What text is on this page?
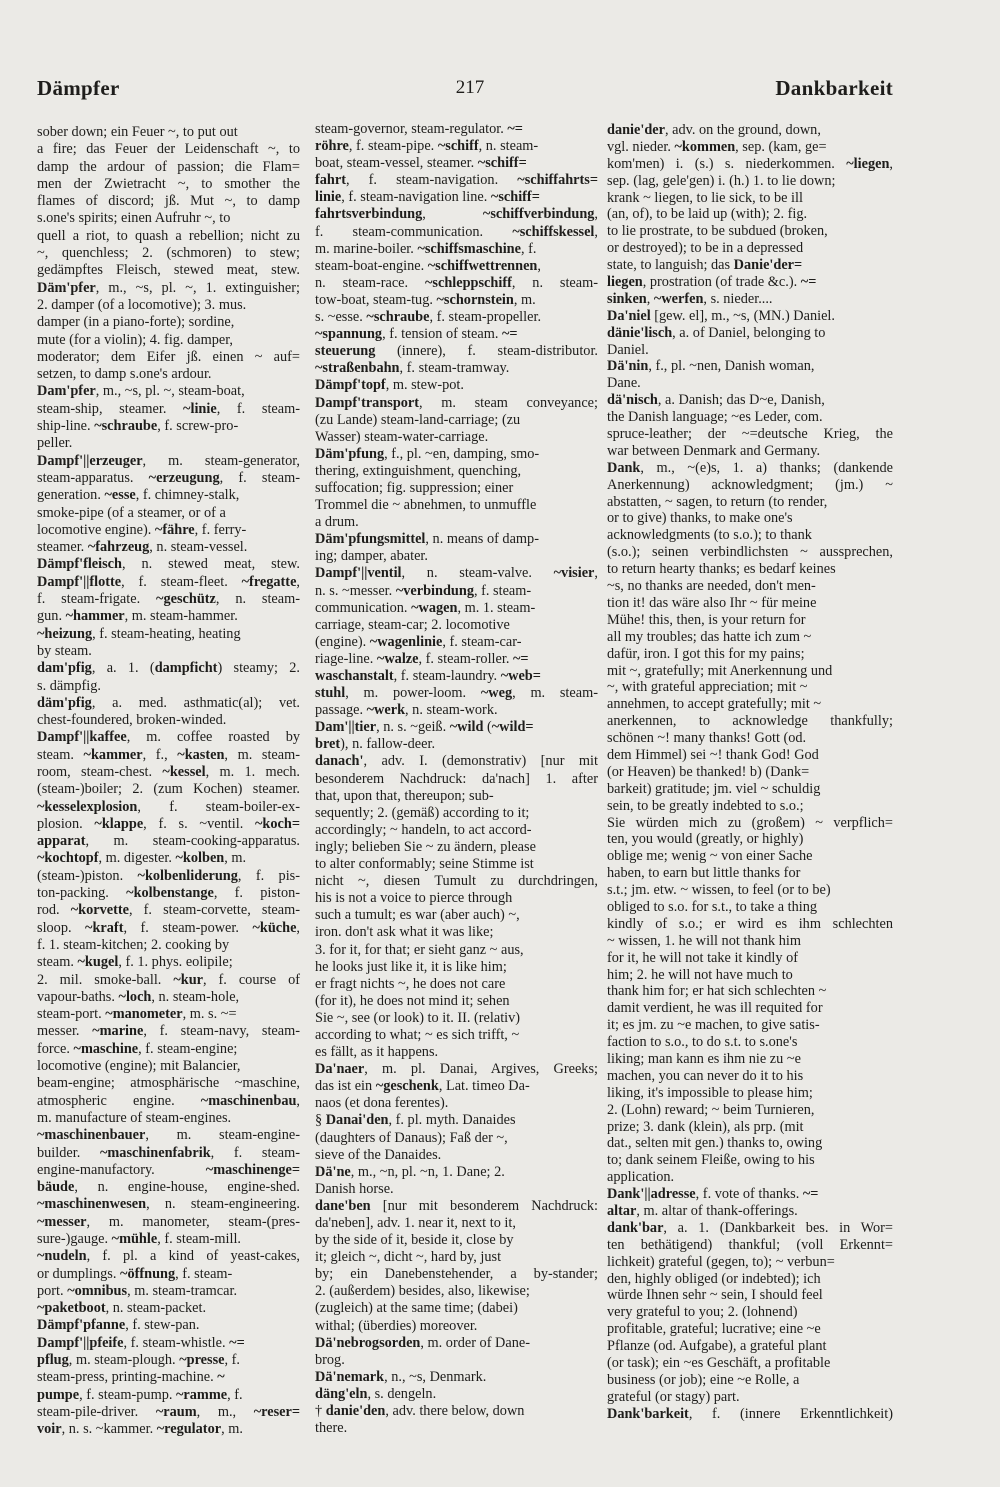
Dämpfer	217	Dankbarkeit
sober down; ein Feuer ~, to put out
a fire; das Feuer der Leidenschaft ~, to
damp the ardour of passion; die Flam=
men der Zwietracht ~, to smother the
flames of discord; jß. Mut ~, to damp
s.one's spirits; einen Aufruhr ~, to
quell a riot, to quash a rebellion; nicht zu
~, quenchless; 2. (schmoren) to stew;
gedämpftes Fleisch, stewed meat, stew.
Däm'pfer, m., ~s, pl. ~, 1. extinguisher;
2. damper (of a locomotive); 3. mus.
damper (in a piano-forte); sordine,
mute (for a violin); 4. fig. damper,
moderator; dem Eifer jß. einen ~ auf=
setzen, to damp s.one's ardour.
Dam'pfer, m., ~s, pl. ~, steam-boat,
steam-ship, steamer. ~linie, f. steam-
ship-line. ~schraube, f. screw-pro-
peller.
Dampf'||erzeuger, m. steam-generator,
steam-apparatus. ~erzeugung, f. steam-
generation. ~esse, f. chimney-stalk,
smoke-pipe (of a steamer, or of a
locomotive engine). ~fähre, f. ferry-
steamer. ~fahrzeug, n. steam-vessel.
Dämpf'fleisch, n. stewed meat, stew.
Dampf'||flotte, f. steam-fleet. ~fregatte,
f. steam-frigate. ~geschütz, n. steam-
gun. ~hammer, m. steam-hammer.
~heizung, f. steam-heating, heating
by steam.
dam'pfig, a. 1. (dampficht) steamy; 2.
s. dämpfig.
däm'pfig, a. med. asthmatic(al); vet.
chest-foundered, broken-winded.
Dampf'||kaffee, m. coffee roasted by
steam. ~kammer, f., ~kasten, m. steam-
room, steam-chest. ~kessel, m. 1. mech.
(steam-)boiler; 2. (zum Kochen) steamer.
~kesselexplosion, f. steam-boiler-ex-
plosion. ~klappe, f. s. ~ventil. ~koch=
apparat, m. steam-cooking-apparatus.
~kochtopf, m. digester. ~kolben, m.
(steam-)piston. ~kolbenliderung, f. pis-
ton-packing. ~kolbenstange, f. piston-
rod. ~korvette, f. steam-corvette, steam-
sloop. ~kraft, f. steam-power. ~küche,
f. 1. steam-kitchen; 2. cooking by
steam. ~kugel, f. 1. phys. eolipile;
2. mil. smoke-ball. ~kur, f. course of
vapour-baths. ~loch, n. steam-hole,
steam-port. ~manometer, m. s. ~=
messer. ~marine, f. steam-navy, steam-
force. ~maschine, f. steam-engine;
locomotive (engine); mit Balancier,
beam-engine; atmosphärische ~maschine,
atmospheric engine. ~maschinenbau,
m. manufacture of steam-engines.
~maschinenbauer, m. steam-engine-
builder. ~maschinenfabrik, f. steam-
engine-manufactory. ~maschinenge=
bäude, n. engine-house, engine-shed.
~maschinenwesen, n. steam-engineering.
~messer, m. manometer, steam-(pres-
sure-)gauge. ~mühle, f. steam-mill.
~nudeln, f. pl. a kind of yeast-cakes,
or dumplings. ~öffnung, f. steam-
port. ~omnibus, m. steam-tramcar.
~paketboot, n. steam-packet.
Dämpf'pfanne, f. stew-pan.
Dampf'||pfeife, f. steam-whistle. ~=
pflug, m. steam-plough. ~presse, f.
steam-press, printing-machine. ~
pumpe, f. steam-pump. ~ramme, f.
steam-pile-driver. ~raum, m., ~reser=
voir, n. s. ~kammer. ~regulator, m.
steam-governor, steam-regulator. ~=
röhre, f. steam-pipe. ~schiff, n. steam-
boat, steam-vessel, steamer. ~schiff=
fahrt, f. steam-navigation. ~schiffahrts=
linie, f. steam-navigation line. ~schiff=
fahrtsverbindung, ~schiffverbindung,
f. steam-communication. ~schiffskessel,
m. marine-boiler. ~schiffsmaschine, f.
steam-boat-engine. ~schiffwettrennen,
n. steam-race. ~schleppschiff, n. steam-
tow-boat, steam-tug. ~schornstein, m.
s. ~esse. ~schraube, f. steam-propeller.
~spannung, f. tension of steam. ~=
steuerung (innere), f. steam-distributor.
~straßenbahn, f. steam-tramway.
Dämpf'topf, m. stew-pot.
Dampf'transport, m. steam conveyance;
(zu Lande) steam-land-carriage; (zu
Wasser) steam-water-carriage.
Däm'pfung, f., pl. ~en, damping, smo-
thering, extinguishment, quenching,
suffocation; fig. suppression; einer
Trommel die ~ abnehmen, to unmuffle
a drum.
Däm'pfungsmittel, n. means of damp-
ing; damper, abater.
Dampf'||ventil, n. steam-valve. ~visier,
n. s. ~messer. ~verbindung, f. steam-
communication. ~wagen, m. 1. steam-
carriage, steam-car; 2. locomotive
(engine). ~wagenlinie, f. steam-car-
riage-line. ~walze, f. steam-roller. ~=
waschanstalt, f. steam-laundry. ~web=
stuhl, m. power-loom. ~weg, m. steam-
passage. ~werk, n. steam-work.
Dam'||tier, n. s. ~geiß. ~wild (~wild=
bret), n. fallow-deer.
danach', adv. I. (demonstrativ) [nur mit
besonderem Nachdruck: da'nach] 1. after
that, upon that, thereupon; sub-
sequently; 2. (gemäß) according to it;
accordingly; ~ handeln, to act accord-
ingly; belieben Sie ~ zu ändern, please
to alter conformably; seine Stimme ist
nicht ~, diesen Tumult zu durchdringen,
his is not a voice to pierce through
such a tumult; es war (aber auch) ~,
iron. don't ask what it was like;
3. for it, for that; er sieht ganz ~ aus,
he looks just like it, it is like him;
er fragt nichts ~, he does not care
(for it), he does not mind it; sehen
Sie ~, see (or look) to it. II. (relativ)
according to what; ~ es sich trifft, ~
es fällt, as it happens.
Da'naer, m. pl. Danai, Argives, Greeks;
das ist ein ~geschenk, Lat. timeo Da-
naos (et dona ferentes).
§ Danai'den, f. pl. myth. Danaides
(daughters of Danaus); Faß der ~,
sieve of the Danaides.
Dä'ne, m., ~n, pl. ~n, 1. Dane; 2.
Danish horse.
dane'ben [nur mit besonderem Nachdruck:
da'neben], adv. 1. near it, next to it,
by the side of it, beside it, close by
it; gleich ~, dicht ~, hard by, just
by; ein Danebenstehender, a by-stander;
2. (außerdem) besides, also, likewise;
(zugleich) at the same time; (dabei)
withal; (überdies) moreover.
Dä'nebrogsorden, m. order of Dane-
brog.
Dä'nemark, n., ~s, Denmark.
däng'eln, s. dengeln.
† danie'den, adv. there below, down
there.
danie'der, adv. on the ground, down,
vgl. nieder. ~kommen, sep. (kam, ge=
kom'men) i. (s.) s. niederkommen. ~liegen,
sep. (lag, gele'gen) i. (h.) 1. to lie down;
krank ~ liegen, to lie sick, to be ill
(an, of), to be laid up (with); 2. fig.
to lie prostrate, to be subdued (broken,
or destroyed); to be in a depressed
state, to languish; das Danie'der=
liegen, prostration (of trade &c.). ~=
sinken, ~werfen, s. nieder....
Da'niel [gew. el], m., ~s, (MN.) Daniel.
dänie'lisch, a. of Daniel, belonging to
Daniel.
Dä'nin, f., pl. ~nen, Danish woman,
Dane.
dä'nisch, a. Danish; das D~e, Danish,
the Danish language; ~es Leder, com.
spruce-leather; der ~=deutsche Krieg, the
war between Denmark and Germany.
Dank, m., ~(e)s, 1. a) thanks; (dankende
Anerkennung) acknowledgment; (jm.) ~
abstatten, ~ sagen, to return (to render,
or to give) thanks, to make one's
acknowledgments (to s.o.); to thank
(s.o.); seinen verbindlichsten ~ aussprechen,
to return hearty thanks; es bedarf keines
~s, no thanks are needed, don't men-
tion it! das wäre also Ihr ~ für meine
Mühe! this, then, is your return for
all my troubles; das hatte ich zum ~
dafür, iron. I got this for my pains;
mit ~, gratefully; mit Anerkennung und
~, with grateful appreciation; mit ~
annehmen, to accept gratefully; mit ~
anerkennen, to acknowledge thankfully;
schönen ~! many thanks! Gott (od.
dem Himmel) sei ~! thank God! God
(or Heaven) be thanked! b) (Dank=
barkeit) gratitude; jm. viel ~ schuldig
sein, to be greatly indebted to s.o.;
Sie würden mich zu (großem) ~ verpflich=
ten, you would (greatly, or highly)
oblige me; wenig ~ von einer Sache
haben, to earn but little thanks for
s.t.; jm. etw. ~ wissen, to feel (or to be)
obliged to s.o. for s.t., to take a thing
kindly of s.o.; er wird es ihm schlechten
~ wissen, 1. he will not thank him
for it, he will not take it kindly of
him; 2. he will not have much to
thank him for; er hat sich schlechten ~
damit verdient, he was ill requited for
it; es jm. zu ~e machen, to give satis-
faction to s.o., to do s.t. to s.one's
liking; man kann es ihm nie zu ~e
machen, you can never do it to his
liking, it's impossible to please him;
2. (Lohn) reward; ~ beim Turnieren,
prize; 3. dank (klein), als prp. (mit
dat., selten mit gen.) thanks to, owing
to; dank seinem Fleiße, owing to his
application.
Dank'||adresse, f. vote of thanks. ~=
altar, m. altar of thank-offerings.
dank'bar, a. 1. (Dankbarkeit bes. in Wor=
ten bethätigend) thankful; (voll Erkennt=
lichkeit) grateful (gegen, to); ~ verbun=
den, highly obliged (or indebted); ich
würde Ihnen sehr ~ sein, I should feel
very grateful to you; 2. (lohnend)
profitable, grateful; lucrative; eine ~e
Pflanze (od. Aufgabe), a grateful plant
(or task); ein ~es Geschäft, a profitable
business (or job); eine ~e Rolle, a
grateful (or stagy) part.
Dank'barkeit, f. (innere Erkenntlichkeit)
